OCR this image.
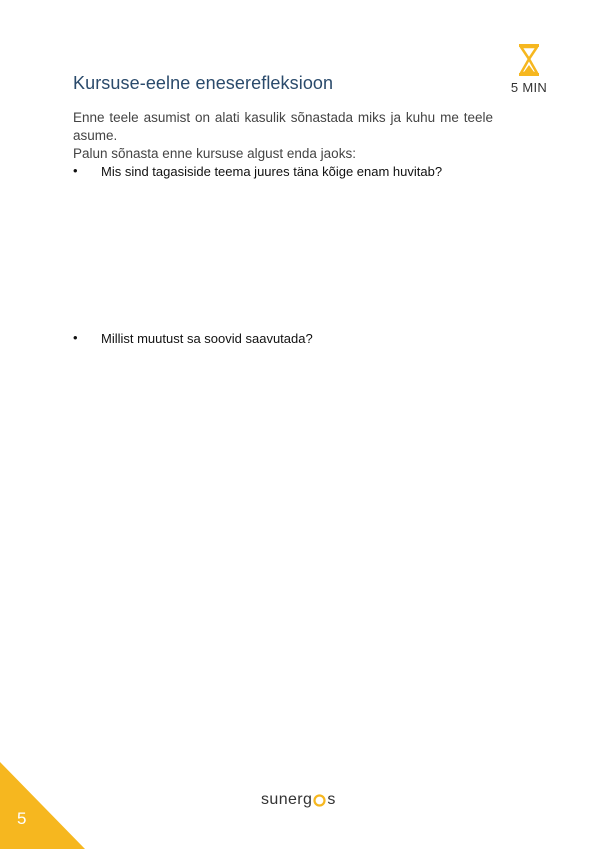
Kursuse-eelne eneserefleksioon	5 MIN
Enne teele asumist on alati kasulik sõnastada miks ja kuhu me teele asume.
Palun sõnasta enne kursuse algust enda jaoks:
• Mis sind tagasiside teema juures täna kõige enam huvitab?
• Millist muutust sa soovid saavutada?
5
sunerg s
